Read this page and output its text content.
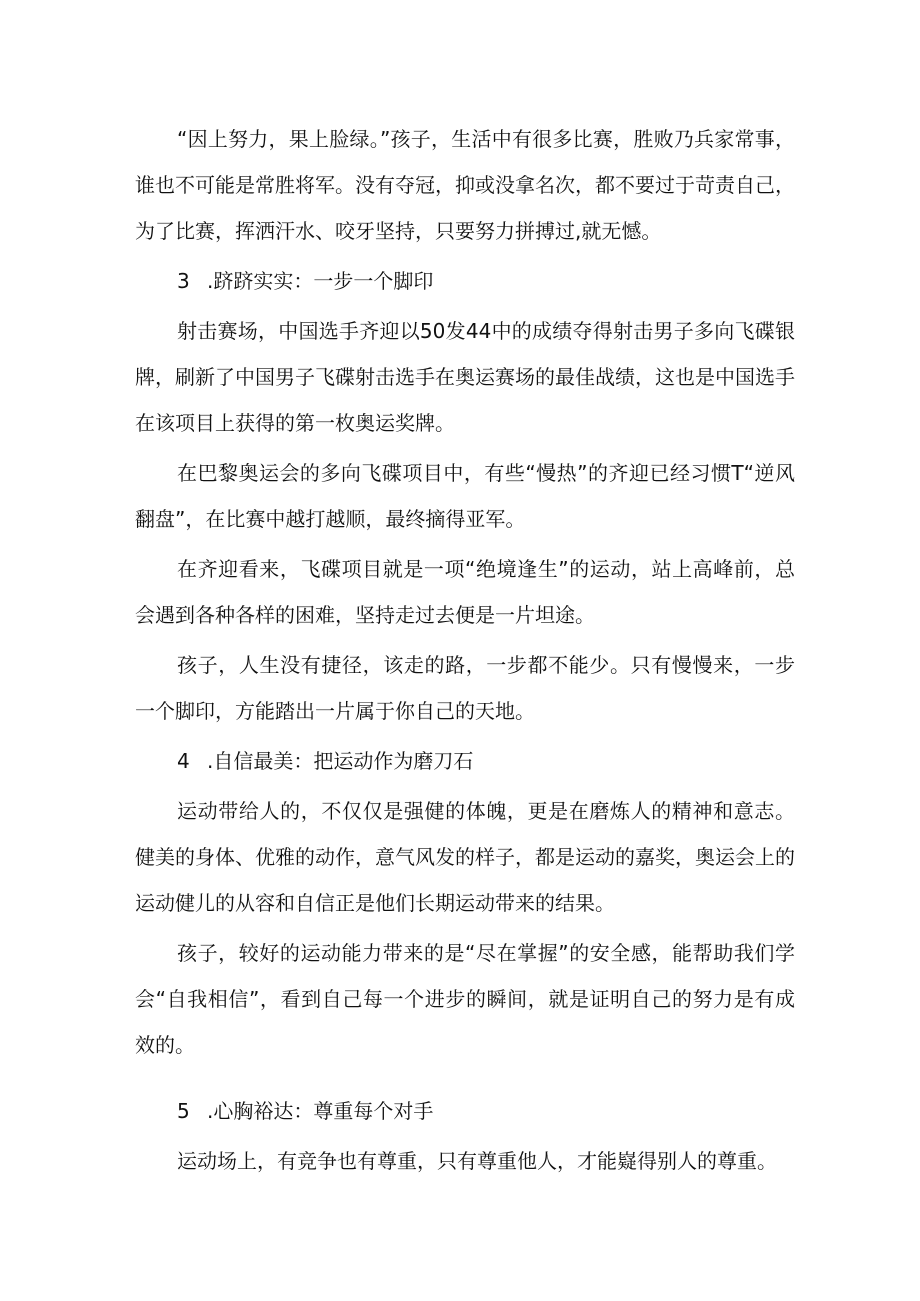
“因上努力，果上脸绿。”孩子，生活中有很多比赛，胜败乃兵家常事，谁也不可能是常胜将军。没有夺冠，抑或没拿名次，都不要过于苛责自己，为了比赛，挥洒汗水、咬牙坚持，只要努力拼搏过,就无憾。

3 .跻跻实实：一步一个脚印

射击赛场，中国选手齐迎以50发44中的成绩夺得射击男子多向飞碟银牌，刷新了中国男子飞碟射击选手在奥运赛场的最佳战绩，这也是中国选手在该项目上获得的第一枚奥运奖牌。

在巴黎奥运会的多向飞碟项目中，有些“慢热”的齐迎已经习惯T“逆风翻盘”，在比赛中越打越顺，最终摘得亚军。

在齐迎看来，飞碟项目就是一项“绝境逢生”的运动，站上高峰前，总会遇到各种各样的困难，坚持走过去便是一片坦途。

孩子，人生没有捷径，该走的路，一步都不能少。只有慢慢来，一步一个脚印，方能踏出一片属于你自己的天地。

4 .自信最美：把运动作为磨刀石

运动带给人的，不仅仅是强健的体魄，更是在磨炼人的精神和意志。健美的身体、优雅的动作，意气风发的样子，都是运动的嘉奖，奥运会上的运动健儿的从容和自信正是他们长期运动带来的结果。

孩子，较好的运动能力带来的是“尽在掌握”的安全感，能帮助我们学会“自我相信”，看到自己每一个进步的瞬间，就是证明自己的努力是有成效的。

5 .心胸裕达：尊重每个对手

运动场上，有竞争也有尊重，只有尊重他人，才能嶷得别人的尊重。
